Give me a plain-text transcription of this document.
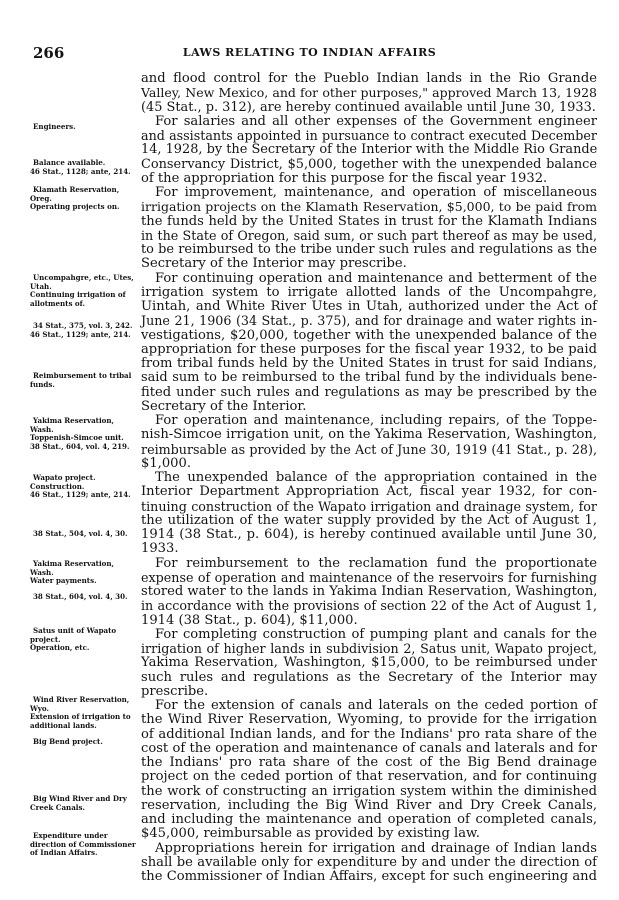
266	LAWS RELATING TO INDIAN AFFAIRS
Engineers.
Balance available.
46 Stat., 1128; ante, 214.
Klamath Reservation, Oreg.
Operating projects on.
Uncompahgre, etc., Utes, Utah.
Continuing irrigation of allotments of.
34 Stat., 375, vol. 3, 242.
46 Stat., 1129; ante, 214.
Reimbursement to tribal funds.
Yakima Reservation, Wash.
Toppenish-Simcoe unit.
38 Stat., 604, vol. 4, 219.
Wapato project.
Construction.
46 Stat., 1129; ante, 214.
38 Stat., 504, vol. 4, 30.
Yakima Reservation, Wash.
Water payments.
38 Stat., 604, vol. 4, 30.
Satus unit of Wapato project.
Operation, etc.
Wind River Reservation, Wyo.
Extension of irrigation to additional lands.
Big Bend project.
Big Wind River and Dry Creek Canals.
Expenditure under direction of Commissioner of Indian Affairs.
and flood control for the Pueblo Indian lands in the Rio Grande
Valley, New Mexico, and for other purposes," approved March 13, 1928
(45 Stat., p. 312), are hereby continued available until June 30, 1933.
For salaries and all other expenses of the Government engineer
and assistants appointed in pursuance to contract executed December
14, 1928, by the Secretary of the Interior with the Middle Rio Grande
Conservancy District, $5,000, together with the unexpended balance
of the appropriation for this purpose for the fiscal year 1932.
For improvement, maintenance, and operation of miscellaneous
irrigation projects on the Klamath Reservation, $5,000, to be paid from
the funds held by the United States in trust for the Klamath Indians
in the State of Oregon, said sum, or such part thereof as may be used,
to be reimbursed to the tribe under such rules and regulations as the
Secretary of the Interior may prescribe.
For continuing operation and maintenance and betterment of the
irrigation system to irrigate allotted lands of the Uncompahgre,
Uintah, and White River Utes in Utah, authorized under the Act of
June 21, 1906 (34 Stat., p. 375), and for drainage and water rights in-
vestigations, $20,000, together with the unexpended balance of the
appropriation for these purposes for the fiscal year 1932, to be paid
from tribal funds held by the United States in trust for said Indians,
said sum to be reimbursed to the tribal fund by the individuals bene-
fited under such rules and regulations as may be prescribed by the
Secretary of the Interior.
For operation and maintenance, including repairs, of the Toppe-
nish-Simcoe irrigation unit, on the Yakima Reservation, Washington,
reimbursable as provided by the Act of June 30, 1919 (41 Stat., p. 28),
$1,000.
The unexpended balance of the appropriation contained in the
Interior Department Appropriation Act, fiscal year 1932, for con-
tinuing construction of the Wapato irrigation and drainage system, for
the utilization of the water supply provided by the Act of August 1,
1914 (38 Stat., p. 604), is hereby continued available until June 30,
1933.
For reimbursement to the reclamation fund the proportionate
expense of operation and maintenance of the reservoirs for furnishing
stored water to the lands in Yakima Indian Reservation, Washington,
in accordance with the provisions of section 22 of the Act of August 1,
1914 (38 Stat., p. 604), $11,000.
For completing construction of pumping plant and canals for the
irrigation of higher lands in subdivision 2, Satus unit, Wapato project,
Yakima Reservation, Washington, $15,000, to be reimbursed under
such rules and regulations as the Secretary of the Interior may
prescribe.
For the extension of canals and laterals on the ceded portion of
the Wind River Reservation, Wyoming, to provide for the irrigation
of additional Indian lands, and for the Indians' pro rata share of the
cost of the operation and maintenance of canals and laterals and for
the Indians' pro rata share of the cost of the Big Bend drainage
project on the ceded portion of that reservation, and for continuing
the work of constructing an irrigation system within the diminished
reservation, including the Big Wind River and Dry Creek Canals,
and including the maintenance and operation of completed canals,
$45,000, reimbursable as provided by existing law.
Appropriations herein for irrigation and drainage of Indian lands
shall be available only for expenditure by and under the direction of
the Commissioner of Indian Affairs, except for such engineering and
